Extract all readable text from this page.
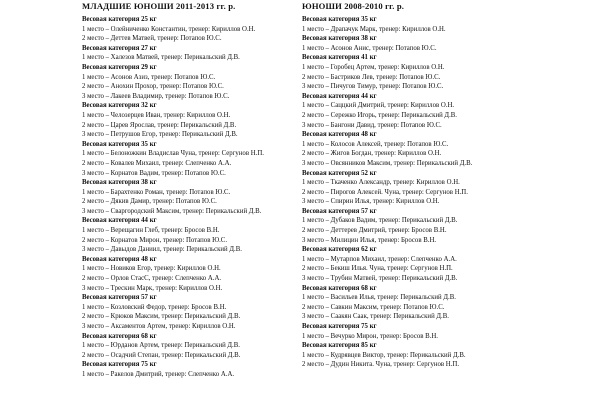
МЛАДШИЕ ЮНОШИ 2011-2013 гг. р.
Весовая категория 25 кг
1 место – Олейниченко Константин, тренер: Кириллов О.Н.
2 место – Деттев Матвей, тренер: Потапов Ю.С.
Весовая категория 27 кг
1 место – Халезов Матвей, тренер: Перикальский Д.В.
Весовая категория 29 кг
1 место – Асонов Азиз, тренер: Потапов Ю.С.
2 место – Анохин Прохор, тренер: Потапов Ю.С.
3 место – Лакеев Владимир, тренер: Потапов Ю.С.
Весовая категория 32 кг
1 место – Челозерцев Иван, тренер: Кириллов О.Н.
2 место – Царев Ярослав, тренер: Перикальский Д.В.
3 место – Петрушов Егор, тренер: Перикальский Д.В.
Весовая категория 35 кг
1 место – Белоножкин Владислав Чуна, тренер: Сергунов Н.П.
2 место – Ковалев Михаил, тренер: Слепченко А.А.
3 место – Корнатов Вадим, тренер: Потапов Ю.С.
Весовая категория 38 кг
1 место – Барахтенко Роман, тренер: Потапов Ю.С.
2 место – Дякив Дамир, тренер: Потапов Ю.С.
3 место – Сваргородский Максим, тренер: Перикальский Д.В.
Весовая категория 44 кг
1 место – Верещагин Глеб, тренер: Бросов В.Н.
2 место – Корнатов Мирон, тренер: Потапов Ю.С.
3 место – Давыдов Даниил, тренер: Перикальский Д.В.
Весовая категория 48 кг
1 место – Новиков Егор, тренер: Кириллов О.Н.
2 место – Орлов СтасС, тренер: Слепченко А.А.
3 место – Трескин Марк, тренер: Кириллов О.Н.
Весовая категория 57 кг
1 место – Козловский Федор, тренер: Бросов В.Н.
2 место – Крюков Максим, тренер: Перикальский Д.В.
3 место – Аксаментов Артем, тренер: Кириллов О.Н.
Весовая категория 68 кг
1 место – Юрданов Артем, тренер: Перикальский Д.В.
2 место – Осадчий Степан, тренер: Перикальский Д.В.
Весовая категория 75 кг
1 место – Ракелов Дмитрий, тренер: Слепченко А.А.
ЮНОШИ 2008-2010 гг. р.
Весовая категория 35 кг
1 место – Драпачук Марк, тренер: Кириллов О.Н.
Весовая категория 38 кг
1 место – Асонов Анис, тренер: Потапов Ю.С.
Весовая категория 41 кг
1 место – Горобец Артем, тренер: Кириллов О.Н.
2 место – Бастриков Лев, тренер: Потапов Ю.С.
3 место – Пичугов Тимур, тренер: Потапов Ю.С.
Весовая категория 44 кг
1 место – Саццкий Дмитрий, тренер: Кириллов О.Н.
2 место – Сережко Игорь, тренер: Перикальский Д.В.
3 место – Бангони Давид, тренер: Потапов Ю.С.
Весовая категория 48 кг
1 место – Колосов Алексей, тренер: Потапов Ю.С.
2 место – Жигов Богдан, тренер: Кириллов О.Н.
3 место – Овсянников Максим, тренер: Перикальский Д.В.
Весовая категория 52 кг
1 место – Ткаченко Александр, тренер: Кириллов О.Н.
2 место – Пирогов Алексей. Чуна, тренер: Сергунов Н.П.
3 место – Спирин Илья, тренер: Кириллов О.Н.
Весовая категория 57 кг
1 место – Дубаков Вадим, тренер: Перикальский Д.В.
2 место – Деттерев Дмитрий, тренер: Бросов В.Н.
3 место – Милицин Илья, тренер: Бросов В.Н.
Весовая категория 62 кг
1 место – Мутарпов Михаил, тренер: Слепченко А.А.
2 место – Бекиш Илья. Чуна, тренер: Сергунов Н.П.
3 место – Трубин Матвей, тренер: Перикальский Д.В.
Весовая категория 68 кг
1 место – Васильев Илья, тренер: Перикальский Д.В.
2 место – Савкин Максим, тренер: Потапов Ю.С.
3 место – Саакян Саак, тренер: Перикальский Д.В.
Весовая категория 75 кг
1 место – Вечурко Мирон, тренер: Бросов В.Н.
Весовая категория 85 кг
1 место – Кудрявцев Виктор, тренер: Перикальский Д.В.
2 место – Дудин Никита. Чуна, тренер: Сергунов Н.П.
